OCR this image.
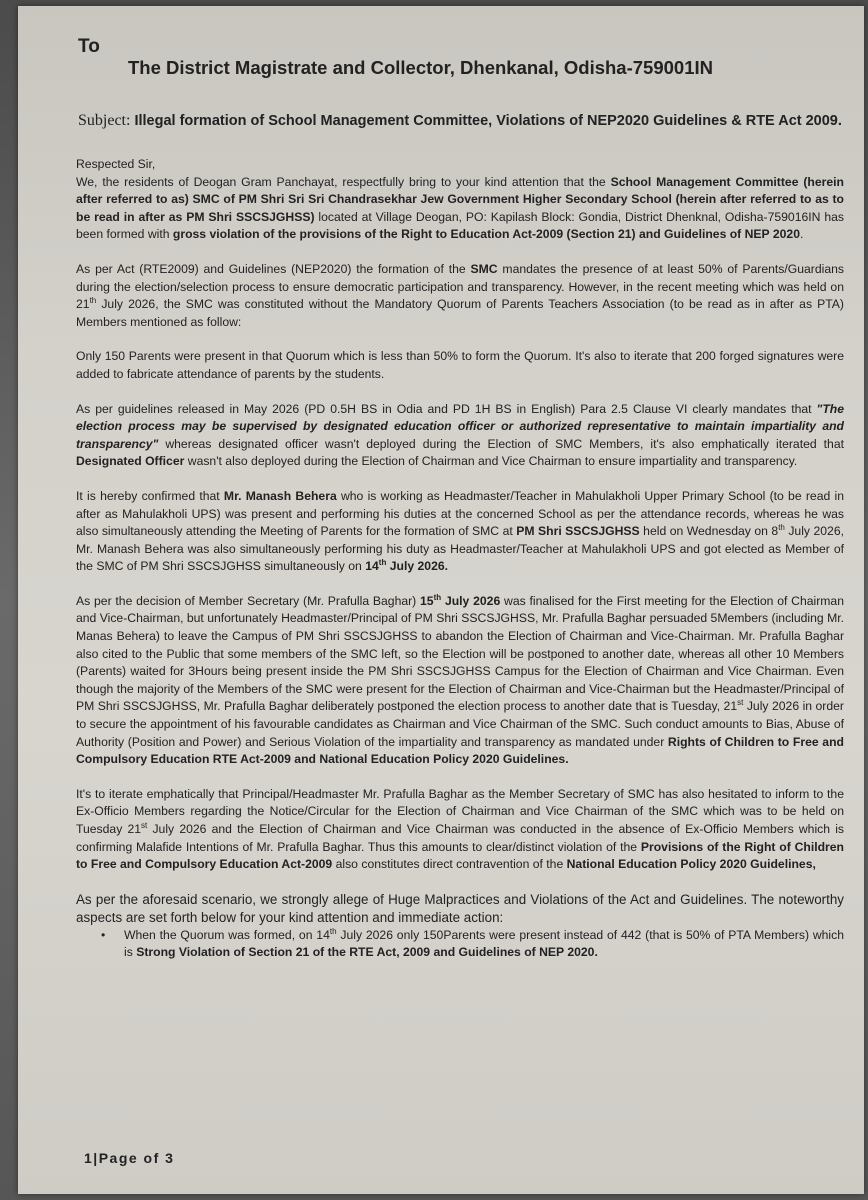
To
The District Magistrate and Collector, Dhenkanal, Odisha-759001IN
Subject: Illegal formation of School Management Committee, Violations of NEP2020 Guidelines & RTE Act 2009.
Respected Sir,

We, the residents of Deogan Gram Panchayat, respectfully bring to your kind attention that the School Management Committee (herein after referred to as) SMC of PM Shri Sri Sri Chandrasekhar Jew Government Higher Secondary School (herein after referred to as to be read in after as PM Shri SSCSJGHSS) located at Village Deogan, PO: Kapilash Block: Gondia, District Dhenknal, Odisha-759016IN has been formed with gross violation of the provisions of the Right to Education Act-2009 (Section 21) and Guidelines of NEP 2020.

As per Act (RTE2009) and Guidelines (NEP2020) the formation of the SMC mandates the presence of at least 50% of Parents/Guardians during the election/selection process to ensure democratic participation and transparency. However, in the recent meeting which was held on 21th July 2026, the SMC was constituted without the Mandatory Quorum of Parents Teachers Association (to be read as in after as PTA) Members mentioned as follow:

Only 150 Parents were present in that Quorum which is less than 50% to form the Quorum. It's also to iterate that 200 forged signatures were added to fabricate attendance of parents by the students.

As per guidelines released in May 2026 (PD 0.5H BS in Odia and PD 1H BS in English) Para 2.5 Clause VI clearly mandates that "The election process may be supervised by designated education officer or authorized representative to maintain impartiality and transparency" whereas designated officer wasn't deployed during the Election of SMC Members, it's also emphatically iterated that Designated Officer wasn't also deployed during the Election of Chairman and Vice Chairman to ensure impartiality and transparency.

It is hereby confirmed that Mr. Manash Behera who is working as Headmaster/Teacher in Mahulakholi Upper Primary School (to be read in after as Mahulakholi UPS) was present and performing his duties at the concerned School as per the attendance records, whereas he was also simultaneously attending the Meeting of Parents for the formation of SMC at PM Shri SSCSJGHSS held on Wednesday on 8th July 2026, Mr. Manash Behera was also simultaneously performing his duty as Headmaster/Teacher at Mahulakholi UPS and got elected as Member of the SMC of PM Shri SSCSJGHSS simultaneously on 14th July 2026.

As per the decision of Member Secretary (Mr. Prafulla Baghar) 15th July 2026 was finalised for the First meeting for the Election of Chairman and Vice-Chairman, but unfortunately Headmaster/Principal of PM Shri SSCSJGHSS, Mr. Prafulla Baghar persuaded 5Members (including Mr. Manas Behera) to leave the Campus of PM Shri SSCSJGHSS to abandon the Election of Chairman and Vice-Chairman. Mr. Prafulla Baghar also cited to the Public that some members of the SMC left, so the Election will be postponed to another date, whereas all other 10 Members (Parents) waited for 3Hours being present inside the PM Shri SSCSJGHSS Campus for the Election of Chairman and Vice Chairman. Even though the majority of the Members of the SMC were present for the Election of Chairman and Vice-Chairman but the Headmaster/Principal of PM Shri SSCSJGHSS, Mr. Prafulla Baghar deliberately postponed the election process to another date that is Tuesday, 21st July 2026 in order to secure the appointment of his favourable candidates as Chairman and Vice Chairman of the SMC. Such conduct amounts to Bias, Abuse of Authority (Position and Power) and Serious Violation of the impartiality and transparency as mandated under Rights of Children to Free and Compulsory Education RTE Act-2009 and National Education Policy 2020 Guidelines.

It's to iterate emphatically that Principal/Headmaster Mr. Prafulla Baghar as the Member Secretary of SMC has also hesitated to inform to the Ex-Officio Members regarding the Notice/Circular for the Election of Chairman and Vice Chairman of the SMC which was to be held on Tuesday 21st July 2026 and the Election of Chairman and Vice Chairman was conducted in the absence of Ex-Officio Members which is confirming Malafide Intentions of Mr. Prafulla Baghar. Thus this amounts to clear/distinct violation of the Provisions of the Right of Children to Free and Compulsory Education Act-2009 also constitutes direct contravention of the National Education Policy 2020 Guidelines,

As per the aforesaid scenario, we strongly allege of Huge Malpractices and Violations of the Act and Guidelines. The noteworthy aspects are set forth below for your kind attention and immediate action:
• When the Quorum was formed, on 14th July 2026 only 150Parents were present instead of 442 (that is 50% of PTA Members) which is Strong Violation of Section 21 of the RTE Act, 2009 and Guidelines of NEP 2020.
1|Page of 3
